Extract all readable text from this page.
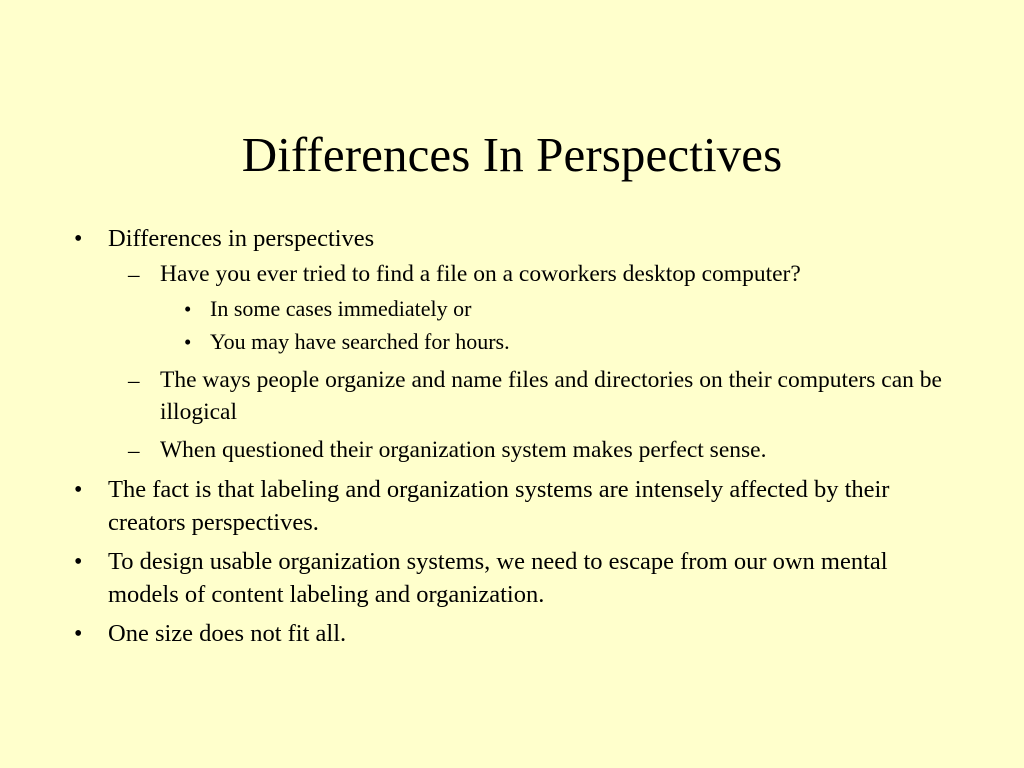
Differences In Perspectives
•	Differences in perspectives
– Have you ever tried to find a file on a coworkers desktop computer?
• In some cases immediately or
• You may have searched for hours.
– The ways people organize and name files and directories on their computers can be illogical
– When questioned their organization system makes perfect sense.
•	The fact is that labeling and organization systems are intensely affected by their creators perspectives.
•	To design usable organization systems, we need to escape from our own mental models of content labeling and organization.
•	One size does not fit all.
